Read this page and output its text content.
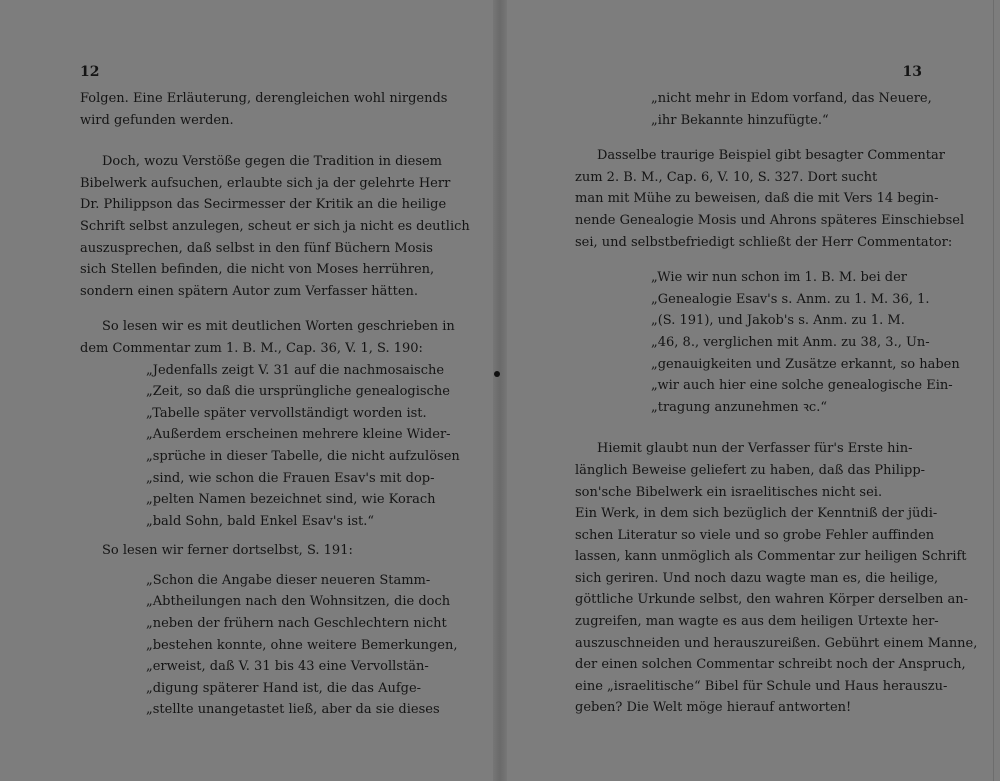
12
Folgen. Eine Erläuterung, derengleichen wohl nirgends
wird gefunden werden.
Doch, wozu Verstöße gegen die Tradition in diesem
Bibelwerk aufsuchen, erlaubte sich ja der gelehrte Herr
Dr. Philippson das Secirmesser der Kritik an die heilige
Schrift selbst anzulegen, scheut er sich ja nicht es deutlich
auszusprechen, daß selbst in den fünf Büchern Mosis
sich Stellen befinden, die nicht von Moses herrühren,
sondern einen spätern Autor zum Verfasser hätten.
So lesen wir es mit deutlichen Worten geschrieben in
dem Commentar zum 1. B. M., Cap. 36, V. 1, S. 190:
„Jedenfalls zeigt V. 31 auf die nachmosaische
„Zeit, so daß die ursprüngliche genealogische
„Tabelle später vervollständigt worden ist.
„Außerdem erscheinen mehrere kleine Wider-
„sprüche in dieser Tabelle, die nicht aufzulösen
„sind, wie schon die Frauen Esav's mit dop-
„pelten Namen bezeichnet sind, wie Korach
„bald Sohn, bald Enkel Esav's ist.“
So lesen wir ferner dortselbst, S. 191:
„Schon die Angabe dieser neueren Stamm-
„Abtheilungen nach den Wohnsitzen, die doch
„neben der frühern nach Geschlechtern nicht
„bestehen konnte, ohne weitere Bemerkungen,
„erweist, daß V. 31 bis 43 eine Vervollstän-
„digung späterer Hand ist, die das Aufge-
„stellte unangetastet ließ, aber da sie dieses
13
„nicht mehr in Edom vorfand, das Neuere,
„ihr Bekannte hinzufügte.“
Dasselbe traurige Beispiel gibt besagter Commentar
zum 2. B. M., Cap. 6, V. 10, S. 327. Dort sucht
man mit Mühe zu beweisen, daß die mit Vers 14 begin-
nende Genealogie Mosis und Ahrons späteres Einschiebsel
sei, und selbstbefriedigt schließt der Herr Commentator:
„Wie wir nun schon im 1. B. M. bei der
„Genealogie Esav's s. Anm. zu 1. M. 36, 1.
„(S. 191), und Jakob's s. Anm. zu 1. M.
„46, 8., verglichen mit Anm. zu 38, 3., Un-
„genauigkeiten und Zusätze erkannt, so haben
„wir auch hier eine solche genealogische Ein-
„tragung anzunehmen ꝛc.“
Hiemit glaubt nun der Verfasser für's Erste hin-
länglich Beweise geliefert zu haben, daß das Philipp-
son'sche Bibelwerk ein israelitisches nicht sei.
Ein Werk, in dem sich bezüglich der Kenntniß der jüdi-
schen Literatur so viele und so grobe Fehler auffinden
lassen, kann unmöglich als Commentar zur heiligen Schrift
sich geriren. Und noch dazu wagte man es, die heilige,
göttliche Urkunde selbst, den wahren Körper derselben an-
zugreifen, man wagte es aus dem heiligen Urtexte her-
auszuschneiden und herauszureißen. Gebührt einem Manne,
der einen solchen Commentar schreibt noch der Anspruch,
eine „israelitische“ Bibel für Schule und Haus herauszu-
geben? Die Welt möge hierauf antworten!
